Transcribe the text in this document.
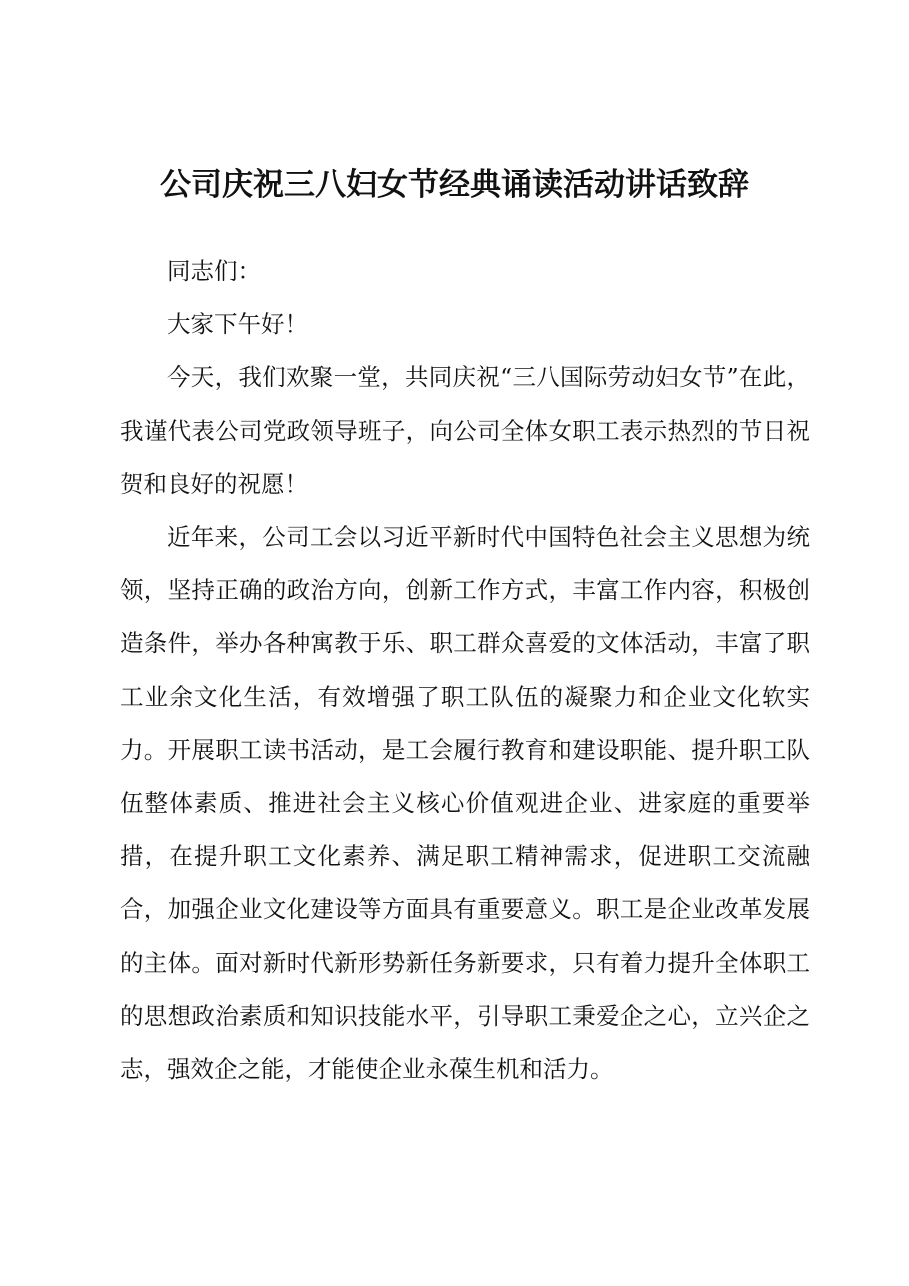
公司庆祝三八妇女节经典诵读活动讲话致辞

同志们：

大家下午好！

今天，我们欢聚一堂，共同庆祝“三八国际劳动妇女节”在此，我谨代表公司党政领导班子，向公司全体女职工表示热烈的节日祝贺和良好的祝愿！

近年来，公司工会以习近平新时代中国特色社会主义思想为统领，坚持正确的政治方向，创新工作方式，丰富工作内容，积极创造条件，举办各种寓教于乐、职工群众喜爱的文体活动，丰富了职工业余文化生活，有效增强了职工队伍的凝聚力和企业文化软实力。开展职工读书活动，是工会履行教育和建设职能、提升职工队伍整体素质、推进社会主义核心价值观进企业、进家庭的重要举措，在提升职工文化素养、满足职工精神需求，促进职工交流融合，加强企业文化建设等方面具有重要意义。职工是企业改革发展的主体。面对新时代新形势新任务新要求，只有着力提升全体职工的思想政治素质和知识技能水平，引导职工秉爱企之心，立兴企之志，强效企之能，才能使企业永葆生机和活力。
